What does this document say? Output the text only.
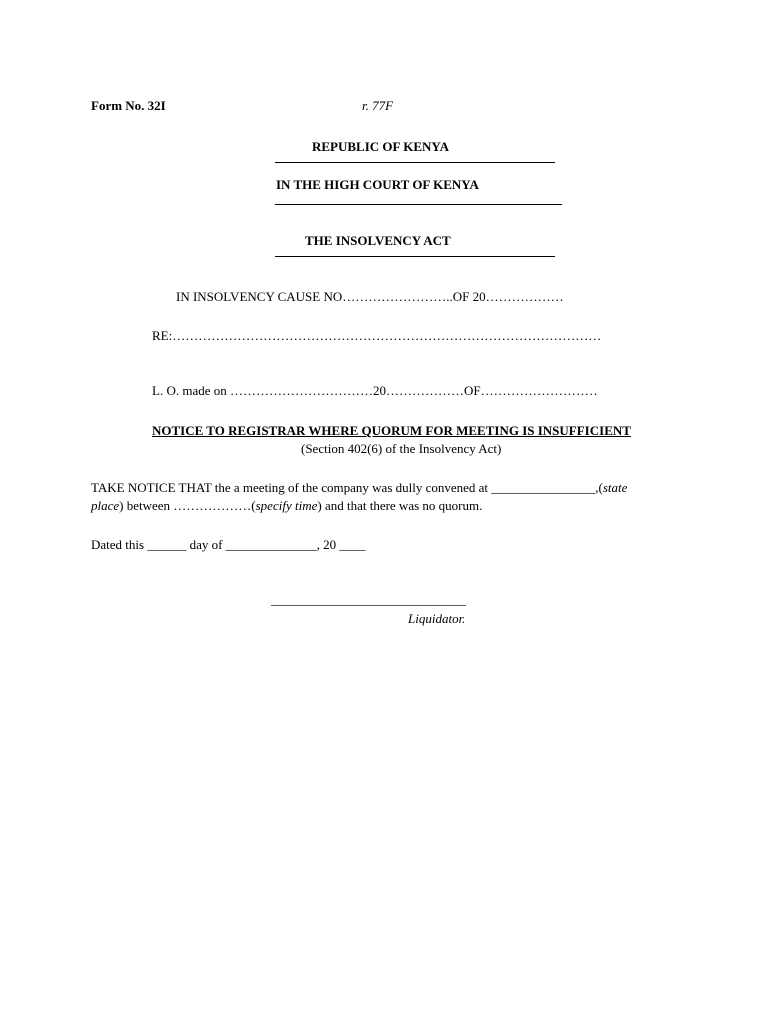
Form No. 32I	r. 77F
REPUBLIC OF KENYA
IN THE HIGH COURT OF KENYA
THE INSOLVENCY ACT
IN INSOLVENCY CAUSE NO……………………..OF 20………………
RE:………………………………………………………………………………………
L. O. made on ……………………………20………………OF………………………
NOTICE TO REGISTRAR WHERE QUORUM FOR MEETING IS INSUFFICIENT
(Section 402(6) of the Insolvency Act)
TAKE NOTICE THAT the a meeting of the company was dully convened at ________________,(state
place) between ………………(specify time) and that there was no quorum.
Dated this ______ day of ______________, 20 ____
______________________________
Liquidator.
